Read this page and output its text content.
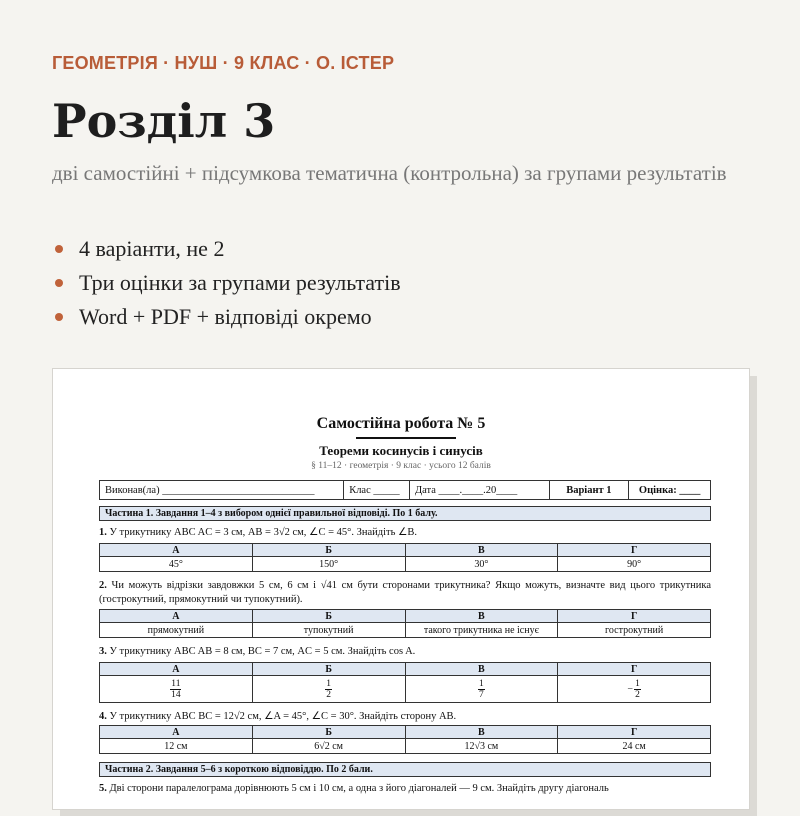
ГЕОМЕТРІЯ · НУШ · 9 КЛАС · О. ІСТЕР
Розділ 3
дві самостійні + підсумкова тематична (контрольна) за групами результатів
4 варіанти, не 2
Три оцінки за групами результатів
Word + PDF + відповіді окремо
Самостійна робота № 5
Теореми косинусів і синусів
§ 11–12 · геометрія · 9 клас · усього 12 балів
Виконав(ла) _____________________________	Клас _____	Дата ____.____.20____	Варіант 1	Оцінка: ____
Частина 1. Завдання 1–4 з вибором однієї правильної відповіді. По 1 балу.
1. У трикутнику ABC AC = 3 см, AB = 3√2 см, ∠C = 45°. Знайдіть ∠B.
А	Б	В	Г
45°	150°	30°	90°
2. Чи можуть відрізки завдовжки 5 см, 6 см і √41 см бути сторонами трикутника? Якщо можуть, визначте вид цього трикутника (гострокутний, прямокутний чи тупокутний).
А	Б	В	Г
прямокутний	тупокутний	такого трикутника не існує	гострокутний
3. У трикутнику ABC AB = 8 см, BC = 7 см, AC = 5 см. Знайдіть cos A.
А	Б	В	Г

$\frac{11}{14}$	$\frac{1}{2}$	$\frac{1}{7}$	− $\frac{1}{2}$
4. У трикутнику ABC BC = 12√2 см, ∠A = 45°, ∠C = 30°. Знайдіть сторону AB.
А	Б	В	Г
12 см	6√2 см	12√3 см	24 см
Частина 2. Завдання 5–6 з короткою відповіддю. По 2 бали.
5. Дві сторони паралелограма дорівнюють 5 см і 10 см, а одна з його діагоналей — 9 см. Знайдіть другу діагональ
